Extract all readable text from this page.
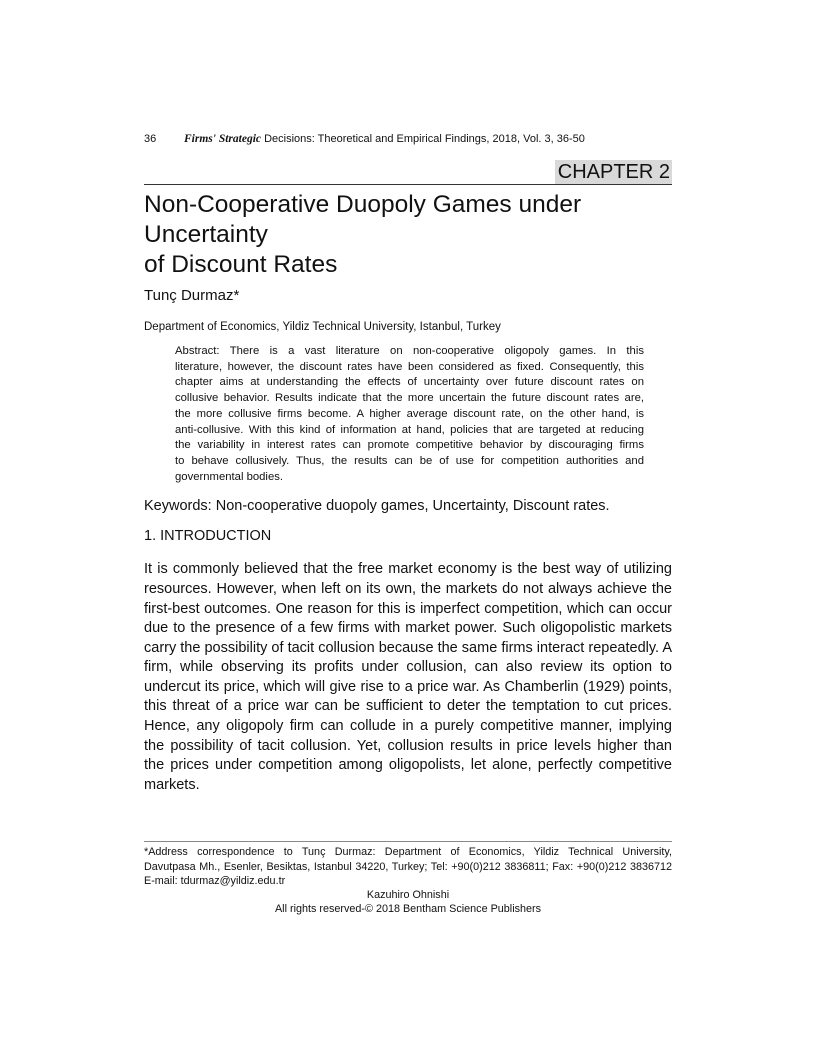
36 Firms' Strategic Decisions: Theoretical and Empirical Findings, 2018, Vol. 3, 36-50
CHAPTER 2
Non-Cooperative Duopoly Games under Uncertainty
of Discount Rates
Tunç Durmaz*
Department of Economics, Yildiz Technical University, Istanbul, Turkey
Abstract: There is a vast literature on non-cooperative oligopoly games. In this
literature, however, the discount rates have been considered as fixed. Consequently, this
chapter aims at understanding the effects of uncertainty over future discount rates on
collusive behavior. Results indicate that the more uncertain the future discount rates are,
the more collusive firms become. A higher average discount rate, on the other hand, is
anti-collusive. With this kind of information at hand, policies that are targeted at reducing
the variability in interest rates can promote competitive behavior by discouraging firms
to behave collusively. Thus, the results can be of use for competition authorities and
governmental bodies.
Keywords: Non-cooperative duopoly games, Uncertainty, Discount rates.
1. INTRODUCTION
It is commonly believed that the free market economy is the best way of utilizing
resources. However, when left on its own, the markets do not always achieve the
first-best outcomes. One reason for this is imperfect competition, which can occur
due to the presence of a few firms with market power. Such oligopolistic markets
carry the possibility of tacit collusion because the same firms interact repeatedly. A
firm, while observing its profits under collusion, can also review its option to
undercut its price, which will give rise to a price war. As Chamberlin (1929) points,
this threat of a price war can be sufficient to deter the temptation to cut prices.
Hence, any oligopoly firm can collude in a purely competitive manner, implying
the possibility of tacit collusion. Yet, collusion results in price levels higher than
the prices under competition among oligopolists, let alone, perfectly competitive
markets.
*Address correspondence to Tunç Durmaz: Department of Economics, Yildiz Technical University,
Davutpasa Mh., Esenler, Besiktas, Istanbul 34220, Turkey; Tel: +90(0)212 3836811; Fax: +90(0)212 3836712
E-mail: tdurmaz@yildiz.edu.tr
Kazuhiro Ohnishi
All rights reserved-© 2018 Bentham Science Publishers
